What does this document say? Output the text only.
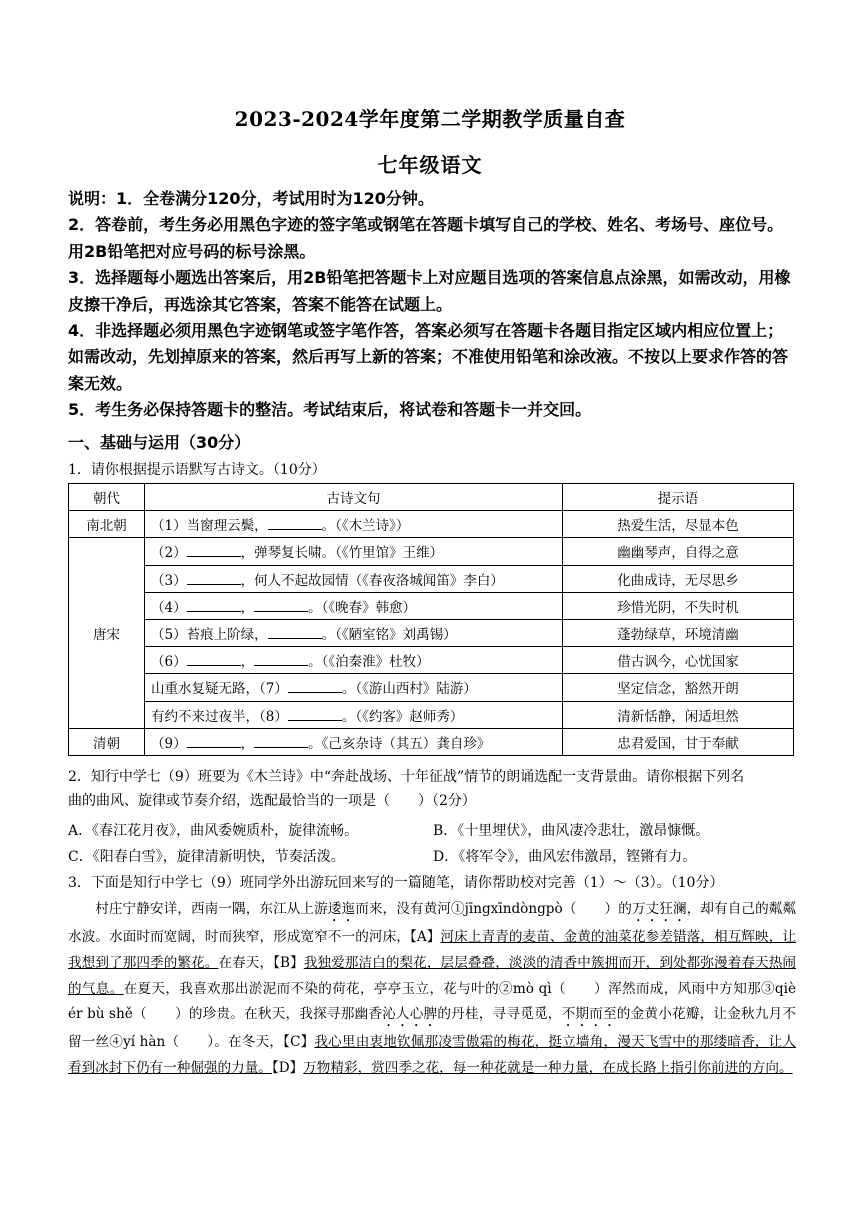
2023-2024学年度第二学期教学质量自查
七年级语文

说明：1．全卷满分120分，考试用时为120分钟。

2．答卷前，考生务必用黑色字迹的签字笔或钢笔在答题卡填写自己的学校、姓名、考场号、座位号。用2B铅笔把对应号码的标号涂黑。

3．选择题每小题选出答案后，用2B铅笔把答题卡上对应题目选项的答案信息点涂黑，如需改动，用橡皮擦干净后，再选涂其它答案，答案不能答在试题上。

4．非选择题必须用黑色字迹钢笔或签字笔作答，答案必须写在答题卡各题目指定区域内相应位置上；如需改动，先划掉原来的答案，然后再写上新的答案；不准使用铅笔和涂改液。不按以上要求作答的答案无效。

5．考生务必保持答题卡的整洁。考试结束后，将试卷和答题卡一并交回。

一、基础与运用（30分）
1．请你根据提示语默写古诗文。（10分）
朝代	古诗文句	提示语
南北朝	（1）当窗理云鬓， 。（《木兰诗》）	热爱生活，尽显本色
唐宋	（2） ，弹琴复长啸。（《竹里馆》王维）	幽幽琴声，自得之意
	（3） ，何人不起故园情（《春夜洛城闻笛》李白）	化曲成诗，无尽思乡
	（4） ， 。（《晚春》韩愈）	珍惜光阴，不失时机
	（5）苔痕上阶绿， 。（《陋室铭》刘禹锡）	蓬勃绿草，环境清幽
	（6） ， 。（《泊秦淮》杜牧）	借古讽今，心忧国家
	山重水复疑无路，（7） 。（《游山西村》陆游）	坚定信念，豁然开朗
	有约不来过夜半，（8） 。（《约客》赵师秀）	清新恬静，闲适坦然
清朝	（9） ， 。《己亥杂诗（其五）龚自珍》	忠君爱国，甘于奉献

2．知行中学七（9）班要为《木兰诗》中“奔赴战场、十年征战”情节的朗诵选配一支背景曲。请你根据下列名

曲的曲风、旋律或节奏介绍，选配最恰当的一项是（　　）（2分）

A．《春江花月夜》，曲风委婉质朴，旋律流畅。	B．《十里埋伏》，曲风凄冷悲壮，激昂慷慨。
C．《阳春白雪》，旋律清新明快，节奏活泼。	D．《将军令》，曲风宏伟激昂，铿锵有力。
3．下面是知行中学七（9）班同学外出游玩回来写的一篇随笔，请你帮助校对完善（1）～（3）。（10分）

村庄宁静安详，西南一隅，东江从上游逶迤而来，没有黄河①jīngxīndòngpò（ ）的万丈狂澜，却有自己的粼粼水波。水面时而宽阔，时而狭窄，形成宽窄不一的河床，【A】河床上青青的麦苗、金黄的油菜花参差错落，相互辉映，让我想到了那四季的繁花。在春天，【B】我独爱那洁白的梨花，层层叠叠，淡淡的清香中簇拥而开，到处都弥漫着春天热闹的气息。在夏天，我喜欢那出淤泥而不染的荷花，亭亭玉立，花与叶的②mò qì（ ）浑然而成，风雨中方知那③qiè ér bù shě（ ）的珍贵。在秋天，我探寻那幽香沁人心脾的丹桂，寻寻觅觅，不期而至的金黄小花瓣，让金秋九月不留一丝④yí hàn（ ）。在冬天，【C】我心里由衷地钦佩那凌雪傲霜的梅花，挺立墙角，漫天飞雪中的那缕暗香，让人看到冰封下仍有一种倔强的力量。【D】万物精彩，赏四季之花，每一种花就是一种力量，在成长路上指引你前进的方向。
